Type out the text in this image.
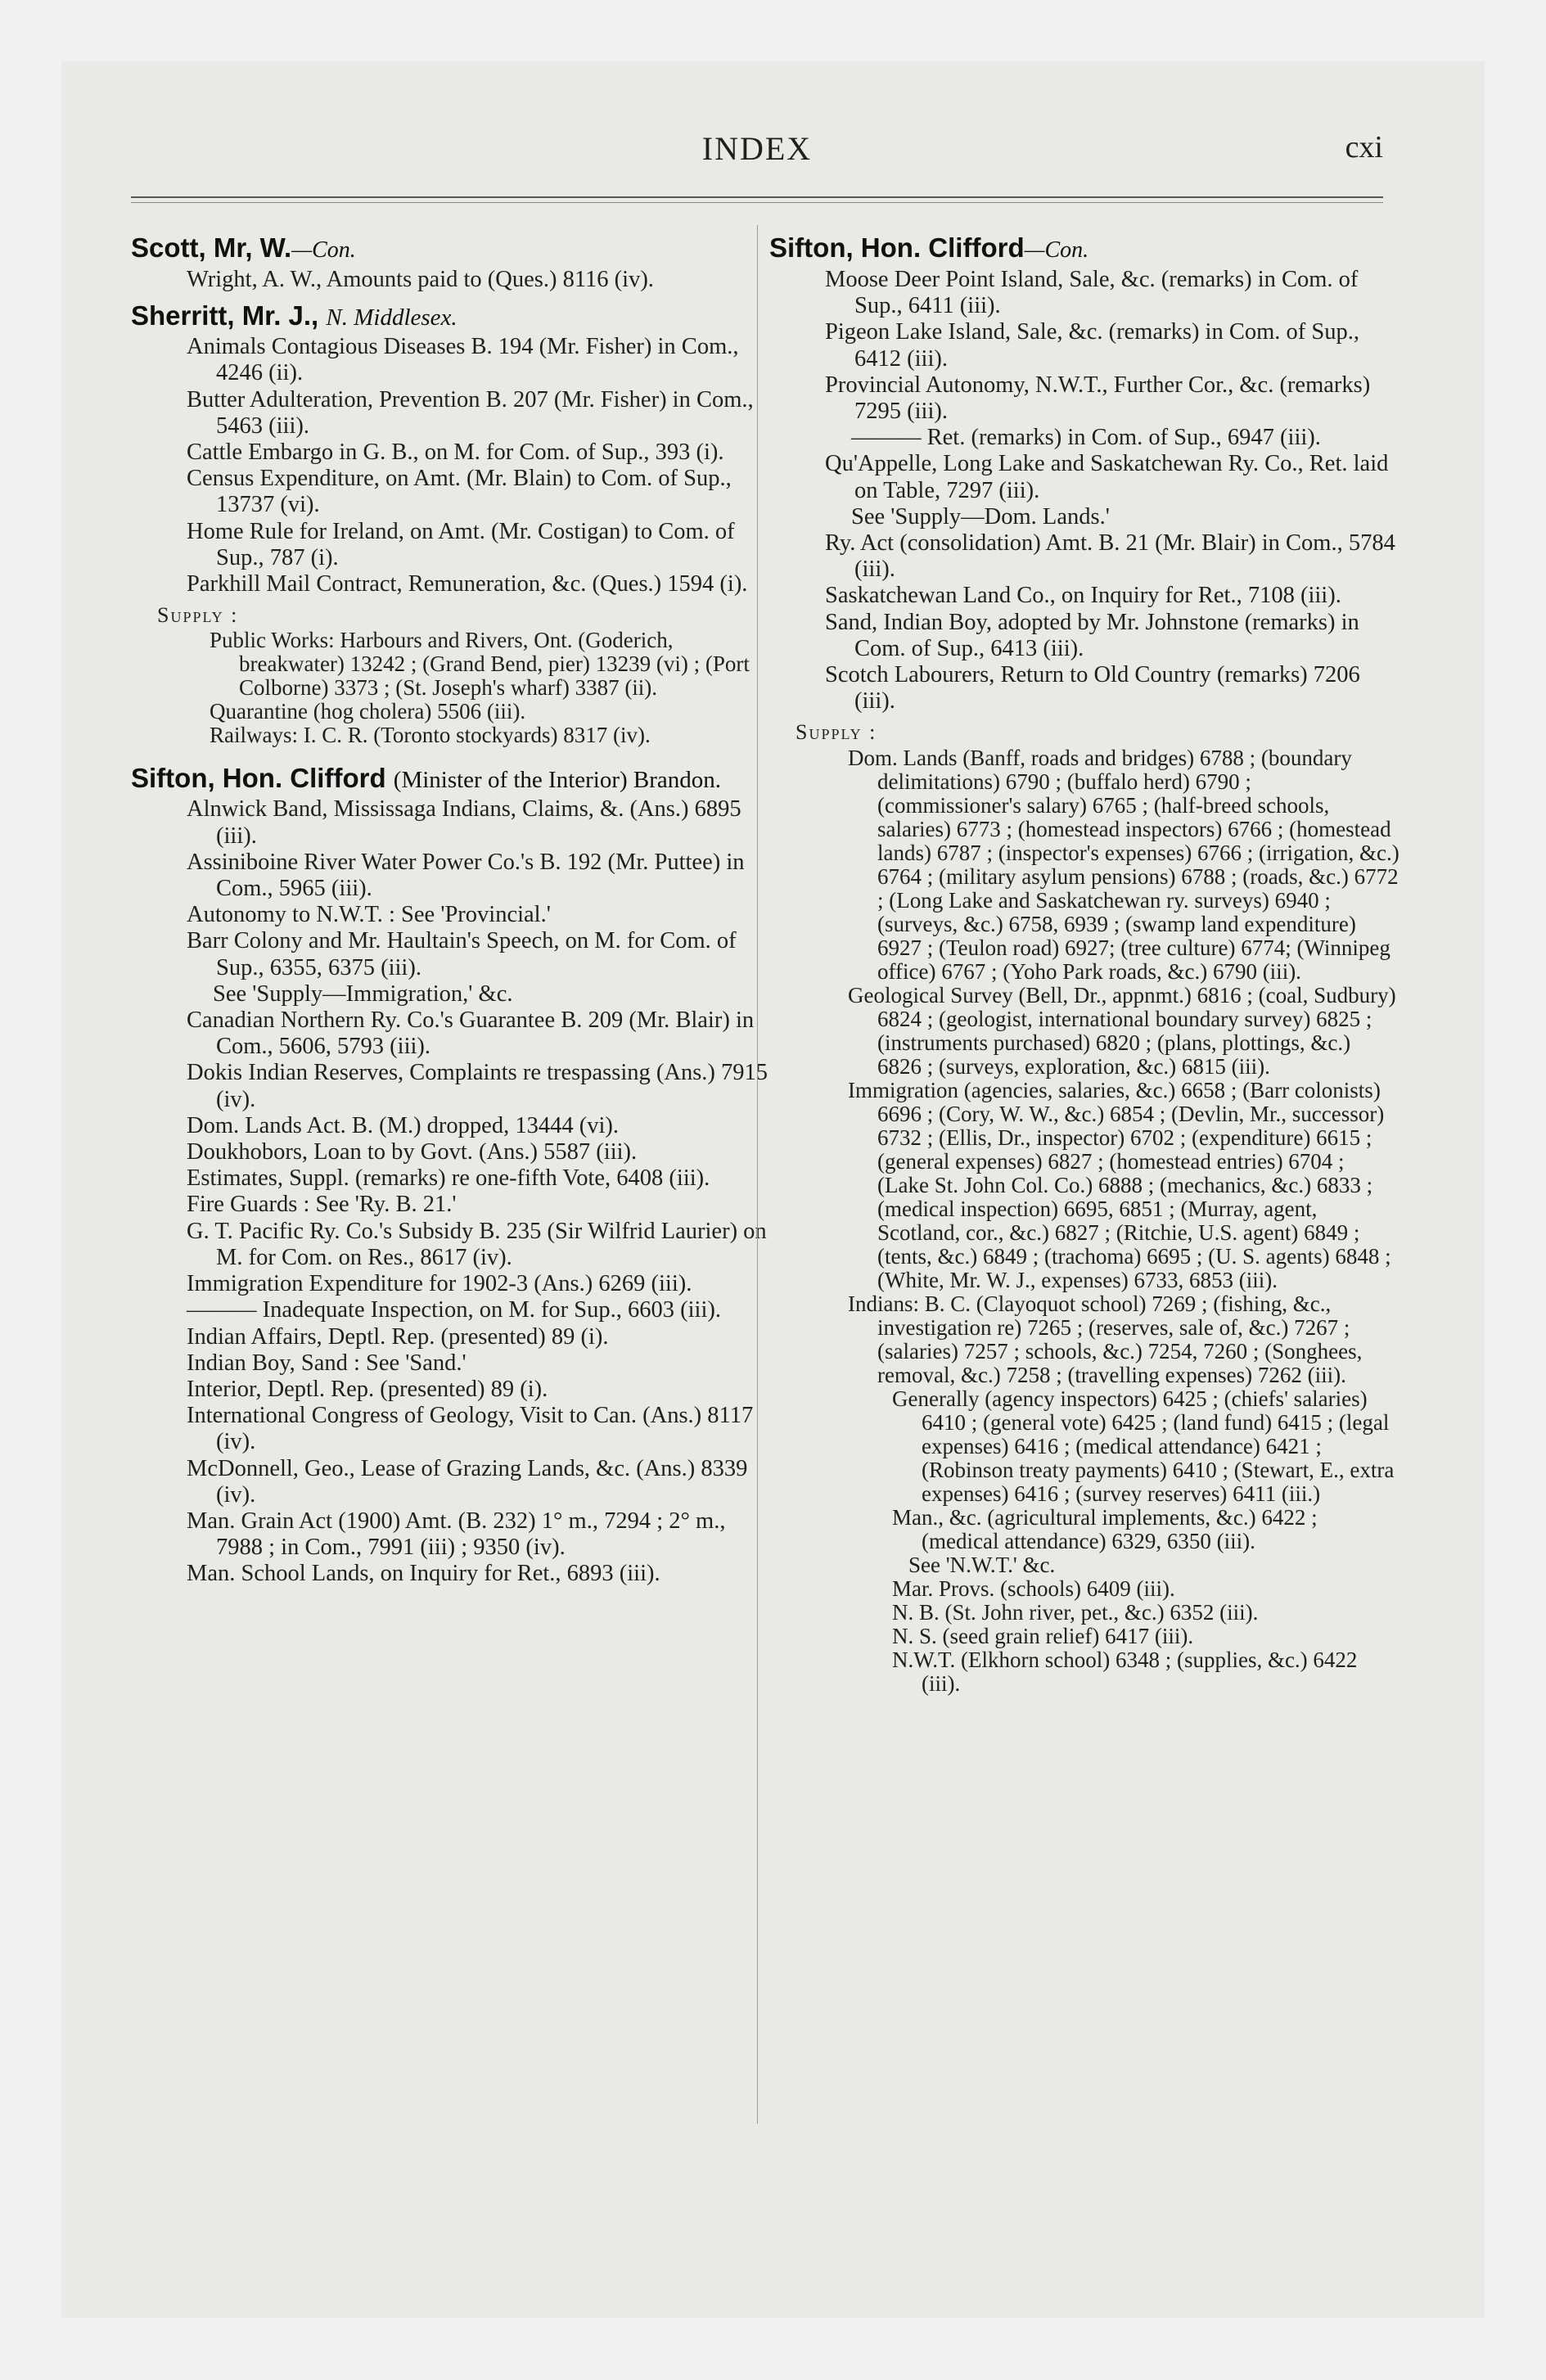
INDEX	cxi
Scott, Mr, W.—Con.
Wright, A. W., Amounts paid to (Ques.) 8116 (iv).
Sherritt, Mr. J., N. Middlesex.
Animals Contagious Diseases B. 194 (Mr. Fisher) in Com., 4246 (ii).
Butter Adulteration, Prevention B. 207 (Mr. Fisher) in Com., 5463 (iii).
Cattle Embargo in G. B., on M. for Com. of Sup., 393 (i).
Census Expenditure, on Amt. (Mr. Blain) to Com. of Sup., 13737 (vi).
Home Rule for Ireland, on Amt. (Mr. Costigan) to Com. of Sup., 787 (i).
Parkhill Mail Contract, Remuneration, &c. (Ques.) 1594 (i).
Supply :
Public Works: Harbours and Rivers, Ont. (Goderich, breakwater) 13242 ; (Grand Bend, pier) 13239 (vi) ; (Port Colborne) 3373 ; (St. Joseph's wharf) 3387 (ii).
Quarantine (hog cholera) 5506 (iii).
Railways: I. C. R. (Toronto stockyards) 8317 (iv).
Sifton, Hon. Clifford (Minister of the Interior) Brandon.
Alnwick Band, Mississaga Indians, Claims, &. (Ans.) 6895 (iii).
Assiniboine River Water Power Co.'s B. 192 (Mr. Puttee) in Com., 5965 (iii).
Autonomy to N.W.T. : See 'Provincial.'
Barr Colony and Mr. Haultain's Speech, on M. for Com. of Sup., 6355, 6375 (iii).
See 'Supply—Immigration,' &c.
Canadian Northern Ry. Co.'s Guarantee B. 209 (Mr. Blair) in Com., 5606, 5793 (iii).
Dokis Indian Reserves, Complaints re trespassing (Ans.) 7915 (iv).
Dom. Lands Act. B. (M.) dropped, 13444 (vi).
Doukhobors, Loan to by Govt. (Ans.) 5587 (iii).
Estimates, Suppl. (remarks) re one-fifth Vote, 6408 (iii).
Fire Guards : See 'Ry. B. 21.'
G. T. Pacific Ry. Co.'s Subsidy B. 235 (Sir Wilfrid Laurier) on M. for Com. on Res., 8617 (iv).
Immigration Expenditure for 1902-3 (Ans.) 6269 (iii).
——— Inadequate Inspection, on M. for Sup., 6603 (iii).
Indian Affairs, Deptl. Rep. (presented) 89 (i).
Indian Boy, Sand : See 'Sand.'
Interior, Deptl. Rep. (presented) 89 (i).
International Congress of Geology, Visit to Can. (Ans.) 8117 (iv).
McDonnell, Geo., Lease of Grazing Lands, &c. (Ans.) 8339 (iv).
Man. Grain Act (1900) Amt. (B. 232) 1° m., 7294 ; 2° m., 7988 ; in Com., 7991 (iii) ; 9350 (iv).
Man. School Lands, on Inquiry for Ret., 6893 (iii).
Sifton, Hon. Clifford—Con.
Moose Deer Point Island, Sale, &c. (remarks) in Com. of Sup., 6411 (iii).
Pigeon Lake Island, Sale, &c. (remarks) in Com. of Sup., 6412 (iii).
Provincial Autonomy, N.W.T., Further Cor., &c. (remarks) 7295 (iii).
——— Ret. (remarks) in Com. of Sup., 6947 (iii).
Qu'Appelle, Long Lake and Saskatchewan Ry. Co., Ret. laid on Table, 7297 (iii).
See 'Supply—Dom. Lands.'
Ry. Act (consolidation) Amt. B. 21 (Mr. Blair) in Com., 5784 (iii).
Saskatchewan Land Co., on Inquiry for Ret., 7108 (iii).
Sand, Indian Boy, adopted by Mr. Johnstone (remarks) in Com. of Sup., 6413 (iii).
Scotch Labourers, Return to Old Country (remarks) 7206 (iii).
Supply :
Dom. Lands (Banff, roads and bridges) 6788 ; (boundary delimitations) 6790 ; (buffalo herd) 6790 ; (commissioner's salary) 6765 ; (half-breed schools, salaries) 6773 ; (homestead inspectors) 6766 ; (homestead lands) 6787 ; (inspector's expenses) 6766 ; (irrigation, &c.) 6764 ; (military asylum pensions) 6788 ; (roads, &c.) 6772 ; (Long Lake and Saskatchewan ry. surveys) 6940 ; (surveys, &c.) 6758, 6939 ; (swamp land expenditure) 6927 ; (Teulon road) 6927; (tree culture) 6774; (Winnipeg office) 6767 ; (Yoho Park roads, &c.) 6790 (iii).
Geological Survey (Bell, Dr., appnmt.) 6816 ; (coal, Sudbury) 6824 ; (geologist, international boundary survey) 6825 ; (instruments purchased) 6820 ; (plans, plottings, &c.) 6826 ; (surveys, exploration, &c.) 6815 (iii).
Immigration (agencies, salaries, &c.) 6658 ; (Barr colonists) 6696 ; (Cory, W. W., &c.) 6854 ; (Devlin, Mr., successor) 6732 ; (Ellis, Dr., inspector) 6702 ; (expenditure) 6615 ; (general expenses) 6827 ; (homestead entries) 6704 ; (Lake St. John Col. Co.) 6888 ; (mechanics, &c.) 6833 ; (medical inspection) 6695, 6851 ; (Murray, agent, Scotland, cor., &c.) 6827 ; (Ritchie, U.S. agent) 6849 ; (tents, &c.) 6849 ; (trachoma) 6695 ; (U. S. agents) 6848 ; (White, Mr. W. J., expenses) 6733, 6853 (iii).
Indians: B. C. (Clayoquot school) 7269 ; (fishing, &c., investigation re) 7265 ; (reserves, sale of, &c.) 7267 ; (salaries) 7257 ; schools, &c.) 7254, 7260 ; (Songhees, removal, &c.) 7258 ; (travelling expenses) 7262 (iii).
Generally (agency inspectors) 6425 ; (chiefs' salaries) 6410 ; (general vote) 6425 ; (land fund) 6415 ; (legal expenses) 6416 ; (medical attendance) 6421 ; (Robinson treaty payments) 6410 ; (Stewart, E., extra expenses) 6416 ; (survey reserves) 6411 (iii.)
Man., &c. (agricultural implements, &c.) 6422 ; (medical attendance) 6329, 6350 (iii).
See 'N.W.T.' &c.
Mar. Provs. (schools) 6409 (iii).
N. B. (St. John river, pet., &c.) 6352 (iii).
N. S. (seed grain relief) 6417 (iii).
N.W.T. (Elkhorn school) 6348 ; (supplies, &c.) 6422 (iii).
